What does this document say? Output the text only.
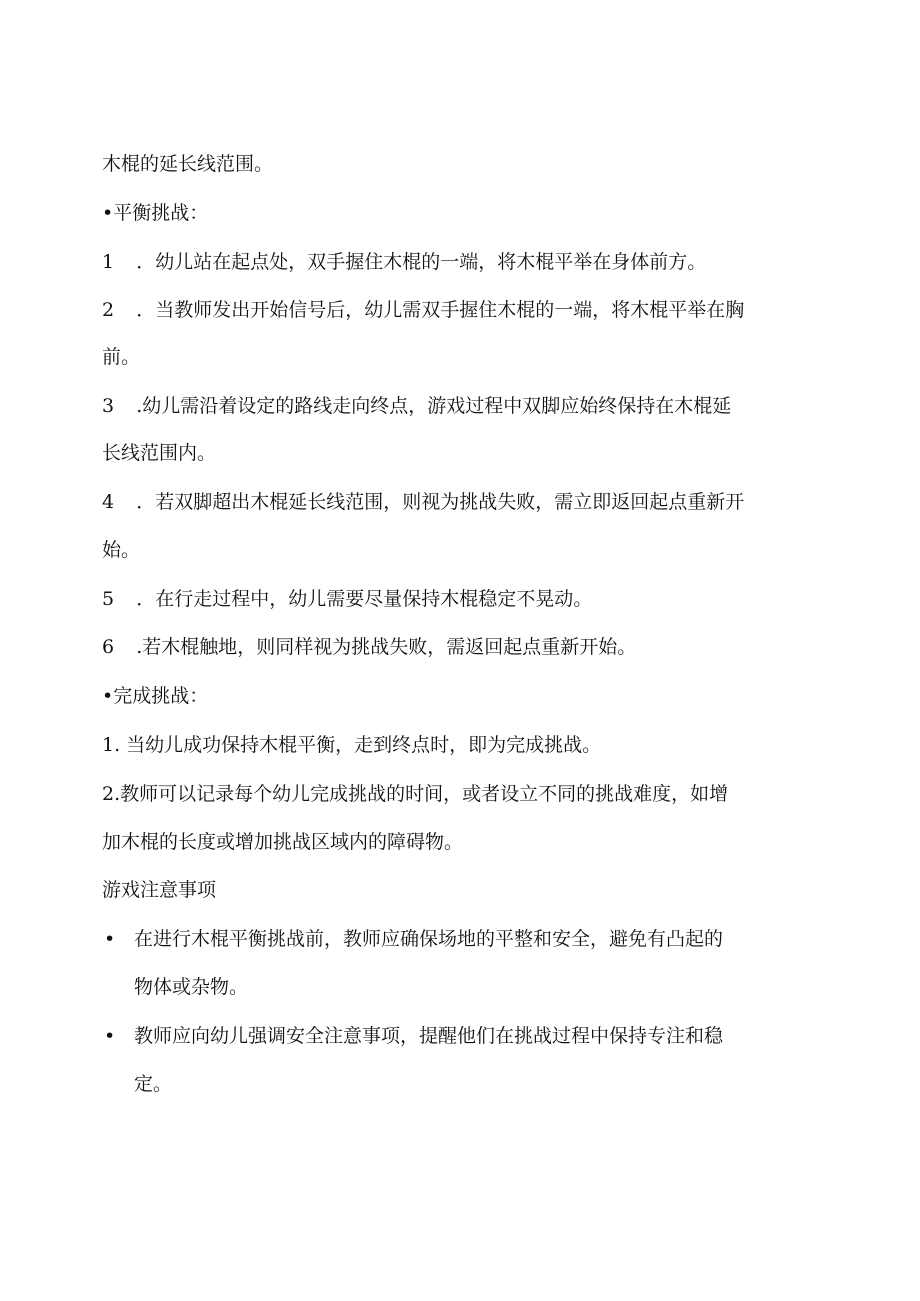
木棍的延长线范围。
•平衡挑战：
1 ．幼儿站在起点处，双手握住木棍的一端，将木棍平举在身体前方。
2 ．当教师发出开始信号后，幼儿需双手握住木棍的一端，将木棍平举在胸
前。
3 .幼儿需沿着设定的路线走向终点，游戏过程中双脚应始终保持在木棍延
长线范围内。
4 ．若双脚超出木棍延长线范围，则视为挑战失败，需立即返回起点重新开
始。
5 ．在行走过程中，幼儿需要尽量保持木棍稳定不晃动。
6 .若木棍触地，则同样视为挑战失败，需返回起点重新开始。
•完成挑战：
1. 当幼儿成功保持木棍平衡，走到终点时，即为完成挑战。
2.教师可以记录每个幼儿完成挑战的时间，或者设立不同的挑战难度，如增
加木棍的长度或增加挑战区域内的障碍物。
游戏注意事项
• 在进行木棍平衡挑战前，教师应确保场地的平整和安全，避免有凸起的
物体或杂物。
• 教师应向幼儿强调安全注意事项，提醒他们在挑战过程中保持专注和稳
定。
